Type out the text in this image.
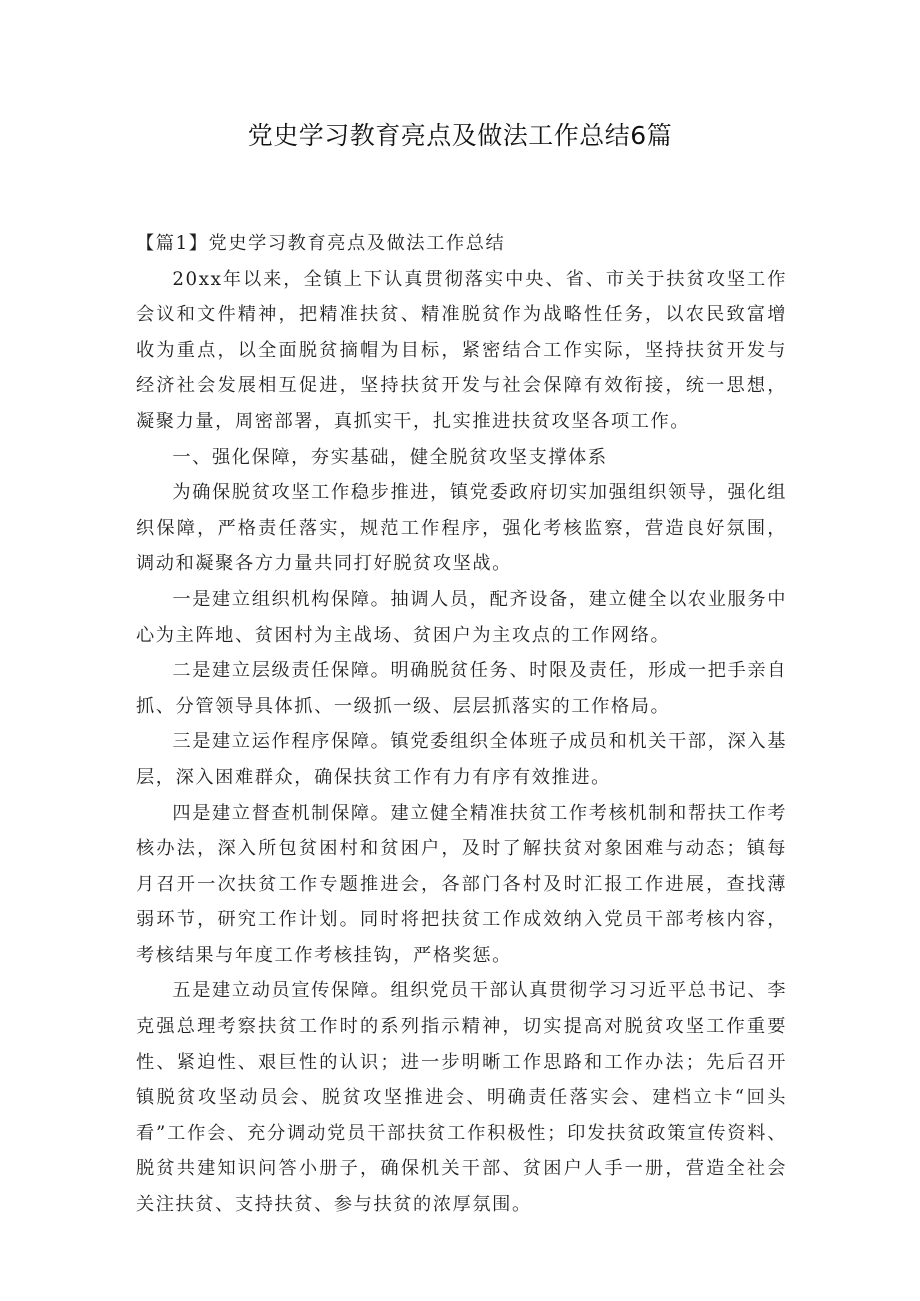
党史学习教育亮点及做法工作总结6篇

【篇1】党史学习教育亮点及做法工作总结

20xx年以来，全镇上下认真贯彻落实中央、省、市关于扶贫攻坚工作会议和文件精神，把精准扶贫、精准脱贫作为战略性任务，以农民致富增收为重点，以全面脱贫摘帽为目标，紧密结合工作实际，坚持扶贫开发与经济社会发展相互促进，坚持扶贫开发与社会保障有效衔接，统一思想，凝聚力量，周密部署，真抓实干，扎实推进扶贫攻坚各项工作。

一、强化保障，夯实基础，健全脱贫攻坚支撑体系

为确保脱贫攻坚工作稳步推进，镇党委政府切实加强组织领导，强化组织保障，严格责任落实，规范工作程序，强化考核监察，营造良好氛围，调动和凝聚各方力量共同打好脱贫攻坚战。

一是建立组织机构保障。抽调人员，配齐设备，建立健全以农业服务中心为主阵地、贫困村为主战场、贫困户为主攻点的工作网络。

二是建立层级责任保障。明确脱贫任务、时限及责任，形成一把手亲自抓、分管领导具体抓、一级抓一级、层层抓落实的工作格局。

三是建立运作程序保障。镇党委组织全体班子成员和机关干部，深入基层，深入困难群众，确保扶贫工作有力有序有效推进。

四是建立督查机制保障。建立健全精准扶贫工作考核机制和帮扶工作考核办法，深入所包贫困村和贫困户，及时了解扶贫对象困难与动态；镇每月召开一次扶贫工作专题推进会，各部门各村及时汇报工作进展，查找薄弱环节，研究工作计划。同时将把扶贫工作成效纳入党员干部考核内容，考核结果与年度工作考核挂钩，严格奖惩。

五是建立动员宣传保障。组织党员干部认真贯彻学习习近平总书记、李克强总理考察扶贫工作时的系列指示精神，切实提高对脱贫攻坚工作重要性、紧迫性、艰巨性的认识；进一步明晰工作思路和工作办法；先后召开镇脱贫攻坚动员会、脱贫攻坚推进会、明确责任落实会、建档立卡“回头看”工作会、充分调动党员干部扶贫工作积极性；印发扶贫政策宣传资料、脱贫共建知识问答小册子，确保机关干部、贫困户人手一册，营造全社会关注扶贫、支持扶贫、参与扶贫的浓厚氛围。
